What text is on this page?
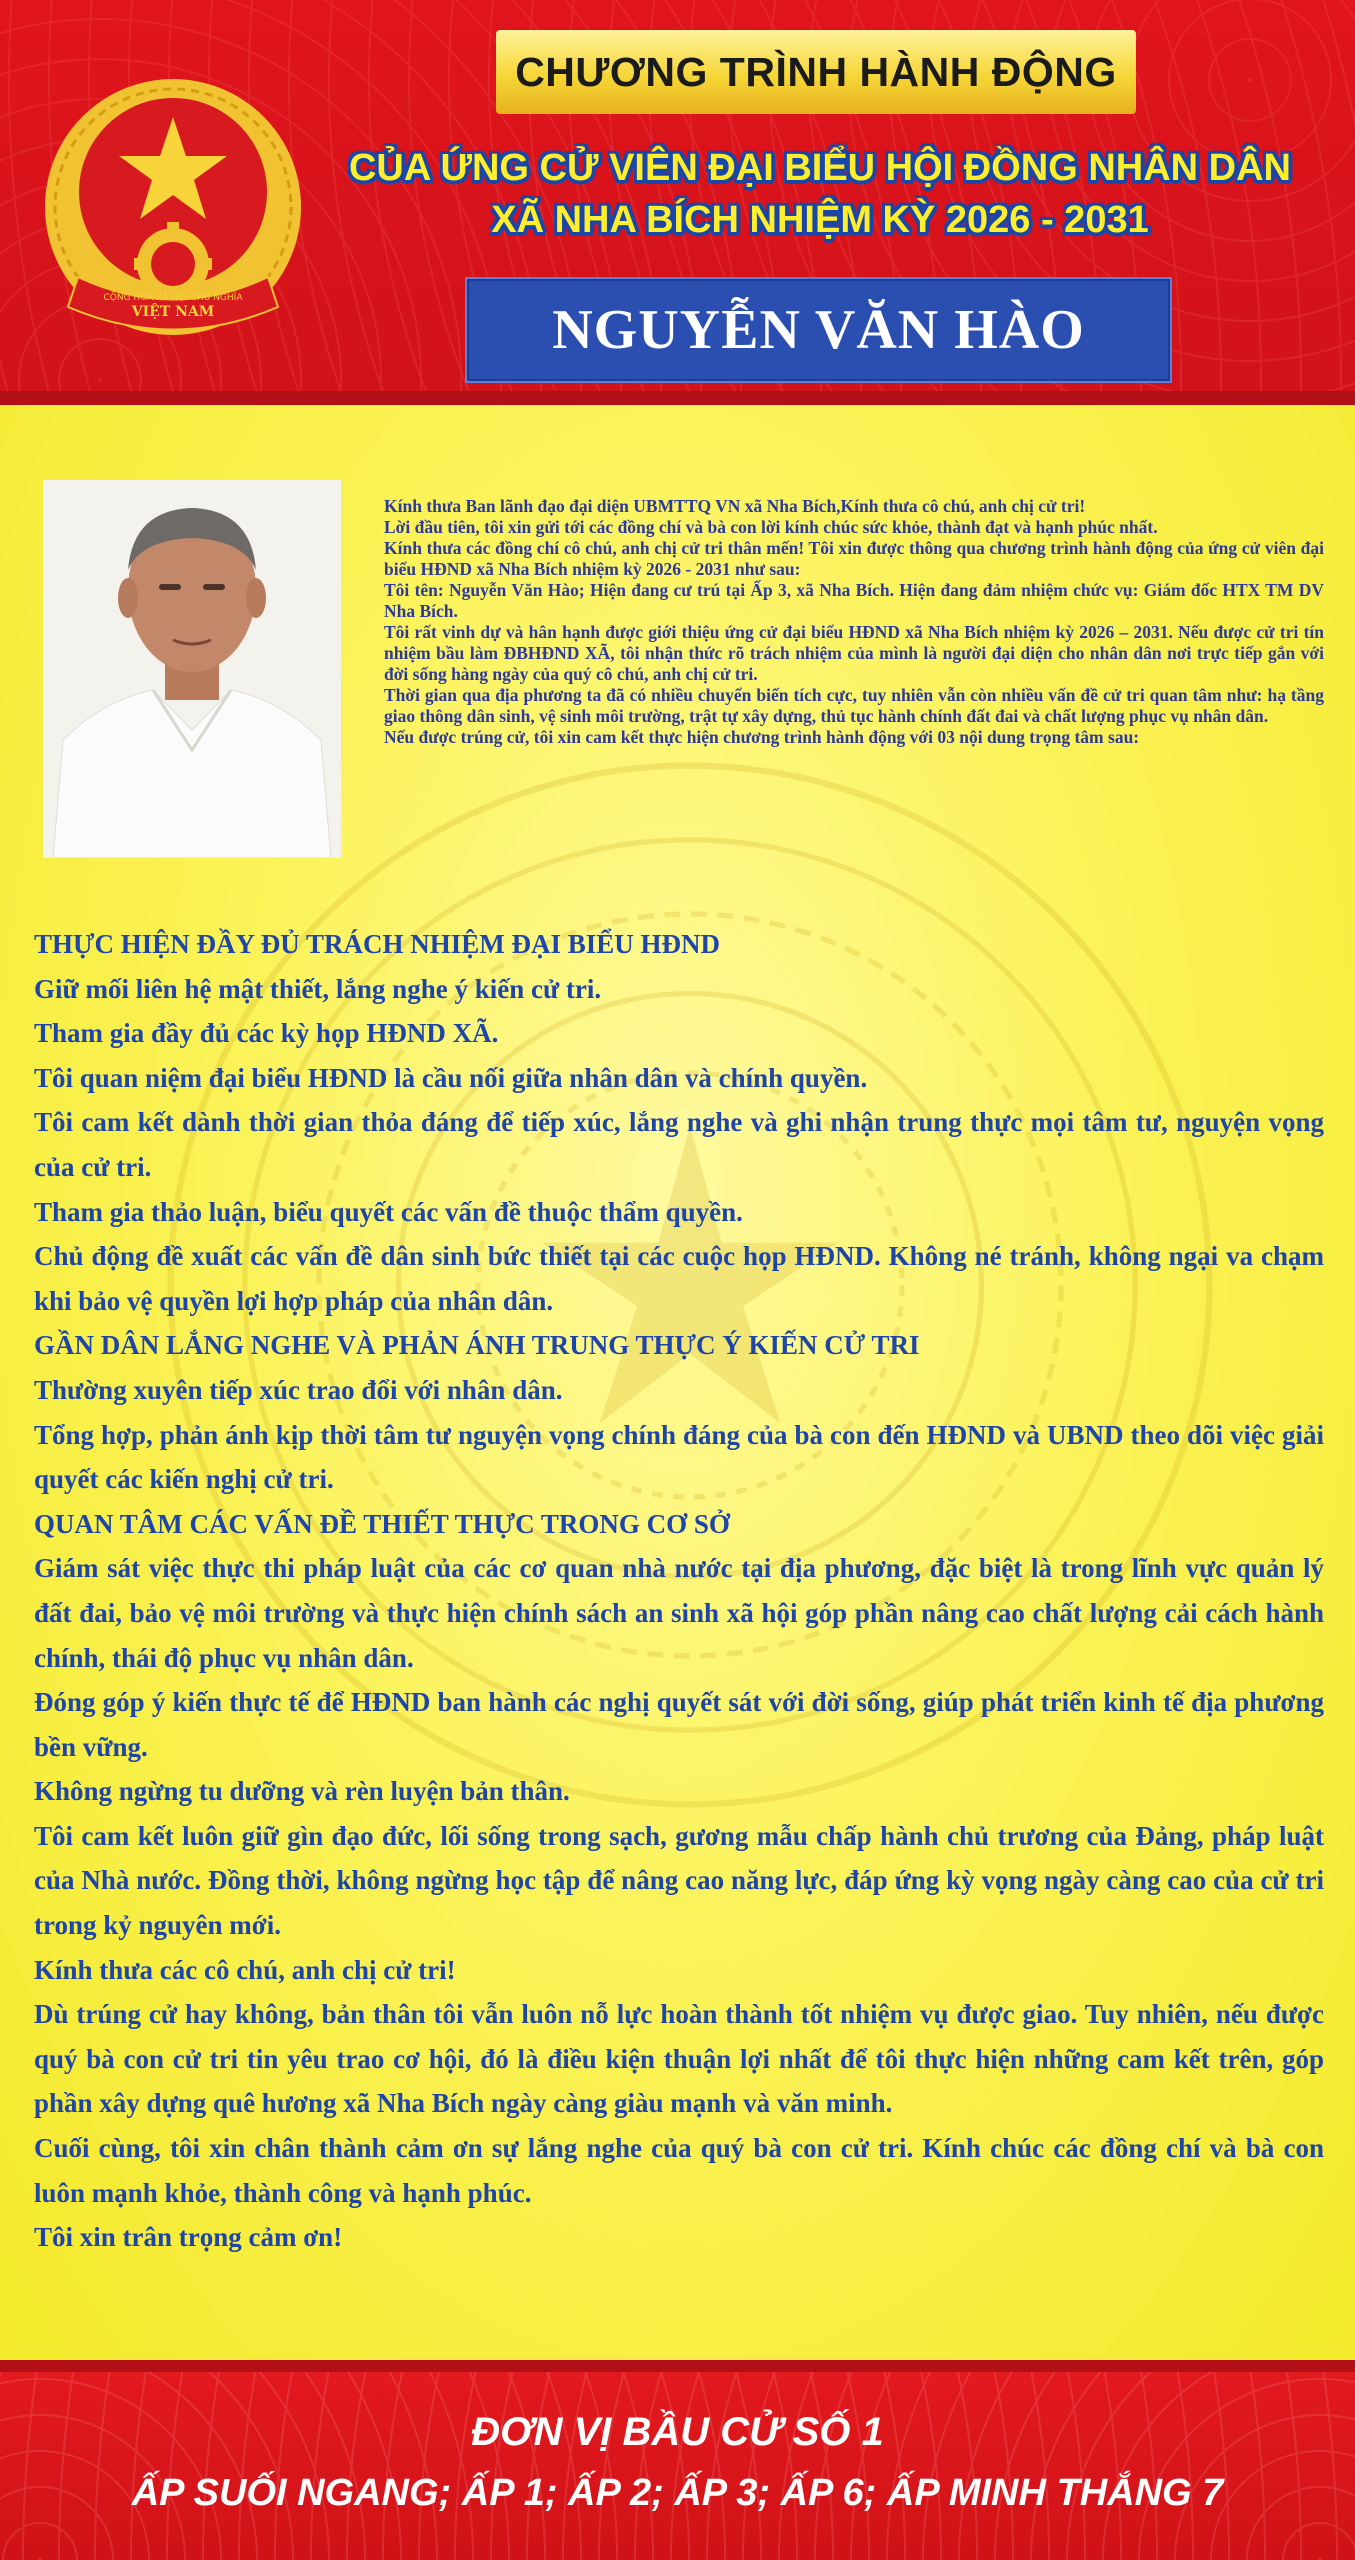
CỘNG HÒA XÃ HỘI CHỦ NGHĨA
VIỆT NAM
CHƯƠNG TRÌNH HÀNH ĐỘNG
CỦA ỨNG CỬ VIÊN ĐẠI BIỂU HỘI ĐỒNG NHÂN DÂN
XÃ NHA BÍCH NHIỆM KỲ 2026 - 2031
NGUYỄN VĂN HÀO

Kính thưa Ban lãnh đạo đại diện UBMTTQ VN xã Nha Bích,Kính thưa cô chú, anh chị cử tri!

Lời đầu tiên, tôi xin gửi tới các đồng chí và bà con lời kính chúc sức khỏe, thành đạt và hạnh phúc nhất.

Kính thưa các đồng chí cô chú, anh chị cử tri thân mến! Tôi xin được thông qua chương trình hành động của ứng cử viên đại biểu HĐND xã Nha Bích nhiệm kỳ 2026 - 2031 như sau:

Tôi tên: Nguyễn Văn Hào; Hiện đang cư trú tại Ấp 3, xã Nha Bích. Hiện đang đảm nhiệm chức vụ: Giám đốc HTX TM DV Nha Bích.

Tôi rất vinh dự và hân hạnh được giới thiệu ứng cử đại biểu HĐND xã Nha Bích nhiệm kỳ 2026 – 2031. Nếu được cử tri tín nhiệm bầu làm ĐBHĐND XÃ, tôi nhận thức rõ trách nhiệm của mình là người đại diện cho nhân dân nơi trực tiếp gắn với đời sống hàng ngày của quý cô chú, anh chị cử tri.

Thời gian qua địa phương ta đã có nhiều chuyển biến tích cực, tuy nhiên vẫn còn nhiều vấn đề cử tri quan tâm như: hạ tầng giao thông dân sinh, vệ sinh môi trường, trật tự xây dựng, thủ tục hành chính đất đai và chất lượng phục vụ nhân dân.

Nếu được trúng cử, tôi xin cam kết thực hiện chương trình hành động với 03 nội dung trọng tâm sau:

THỰC HIỆN ĐẦY ĐỦ TRÁCH NHIỆM ĐẠI BIỂU HĐND

Giữ mối liên hệ mật thiết, lắng nghe ý kiến cử tri.

Tham gia đầy đủ các kỳ họp HĐND XÃ.

Tôi quan niệm đại biểu HĐND là cầu nối giữa nhân dân và chính quyền.

Tôi cam kết dành thời gian thỏa đáng để tiếp xúc, lắng nghe và ghi nhận trung thực mọi tâm tư, nguyện vọng của cử tri.

Tham gia thảo luận, biểu quyết các vấn đề thuộc thẩm quyền.

Chủ động đề xuất các vấn đề dân sinh bức thiết tại các cuộc họp HĐND. Không né tránh, không ngại va chạm khi bảo vệ quyền lợi hợp pháp của nhân dân.

GẦN DÂN LẮNG NGHE VÀ PHẢN ÁNH TRUNG THỰC Ý KIẾN CỬ TRI

Thường xuyên tiếp xúc trao đổi với nhân dân.

Tổng hợp, phản ánh kịp thời tâm tư nguyện vọng chính đáng của bà con đến HĐND và UBND theo dõi việc giải quyết các kiến nghị cử tri.

QUAN TÂM CÁC VẤN ĐỀ THIẾT THỰC TRONG CƠ SỞ

Giám sát việc thực thi pháp luật của các cơ quan nhà nước tại địa phương, đặc biệt là trong lĩnh vực quản lý đất đai, bảo vệ môi trường và thực hiện chính sách an sinh xã hội góp phần nâng cao chất lượng cải cách hành chính, thái độ phục vụ nhân dân.

Đóng góp ý kiến thực tế để HĐND ban hành các nghị quyết sát với đời sống, giúp phát triển kinh tế địa phương bền vững.

Không ngừng tu dưỡng và rèn luyện bản thân.

Tôi cam kết luôn giữ gìn đạo đức, lối sống trong sạch, gương mẫu chấp hành chủ trương của Đảng, pháp luật của Nhà nước. Đồng thời, không ngừng học tập để nâng cao năng lực, đáp ứng kỳ vọng ngày càng cao của cử tri trong kỷ nguyên mới.

Kính thưa các cô chú, anh chị cử tri!

Dù trúng cử hay không, bản thân tôi vẫn luôn nỗ lực hoàn thành tốt nhiệm vụ được giao. Tuy nhiên, nếu được quý bà con cử tri tin yêu trao cơ hội, đó là điều kiện thuận lợi nhất để tôi thực hiện những cam kết trên, góp phần xây dựng quê hương xã Nha Bích ngày càng giàu mạnh và văn minh.

Cuối cùng, tôi xin chân thành cảm ơn sự lắng nghe của quý bà con cử tri. Kính chúc các đồng chí và bà con luôn mạnh khỏe, thành công và hạnh phúc.

Tôi xin trân trọng cảm ơn!

ĐƠN VỊ BẦU CỬ SỐ 1
ẤP SUỐI NGANG; ẤP 1; ẤP 2; ẤP 3; ẤP 6; ẤP MINH THẮNG 7
